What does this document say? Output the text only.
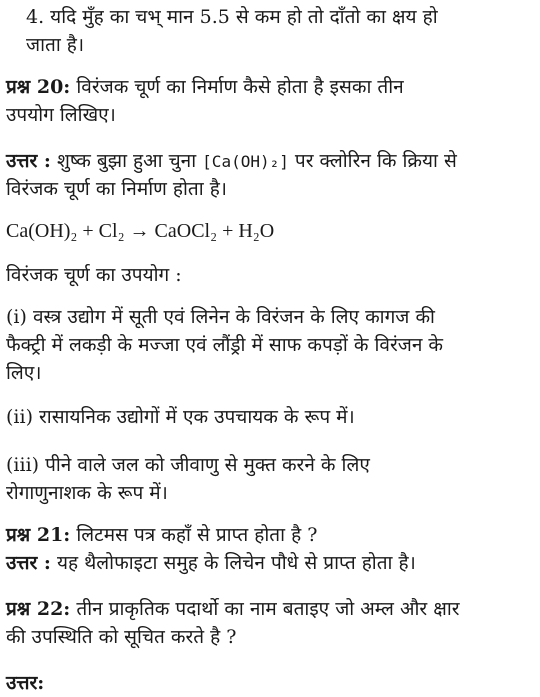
4. यदि मुँह का चभ् मान 5.5 से कम हो तो दाँतो का क्षय हो
जाता है।
प्रश्न 20: विरंजक चूर्ण का निर्माण कैसे होता है इसका तीन
उपयोग लिखिए।
उत्तर : शुष्क बुझा हुआ चुना [Ca(OH)₂] पर क्लोरिन कि क्रिया से
विरंजक चूर्ण का निर्माण होता है।
Ca(OH)₂ + Cl₂ → CaOCl₂ + H₂O
विरंजक चूर्ण का उपयोग :
(i) वस्त्र उद्योग में सूती एवं लिनेन के विरंजन के लिए कागज की
फैक्ट्री में लकड़ी के मज्जा एवं लौंड्री में साफ कपड़ों के विरंजन के
लिए।
(ii) रासायनिक उद्योगों में एक उपचायक के रूप में।
(iii) पीने वाले जल को जीवाणु से मुक्त करने के लिए
रोगाणुनाशक के रूप में।
प्रश्न 21: लिटमस पत्र कहाँ से प्राप्त होता है ?
उत्तर : यह थैलोफाइटा समुह के लिचेन पौधे से प्राप्त होता है।
प्रश्न 22: तीन प्राकृतिक पदार्थो का नाम बताइए जो अम्ल और क्षार
की उपस्थिति को सूचित करते है ?
उत्तर:
